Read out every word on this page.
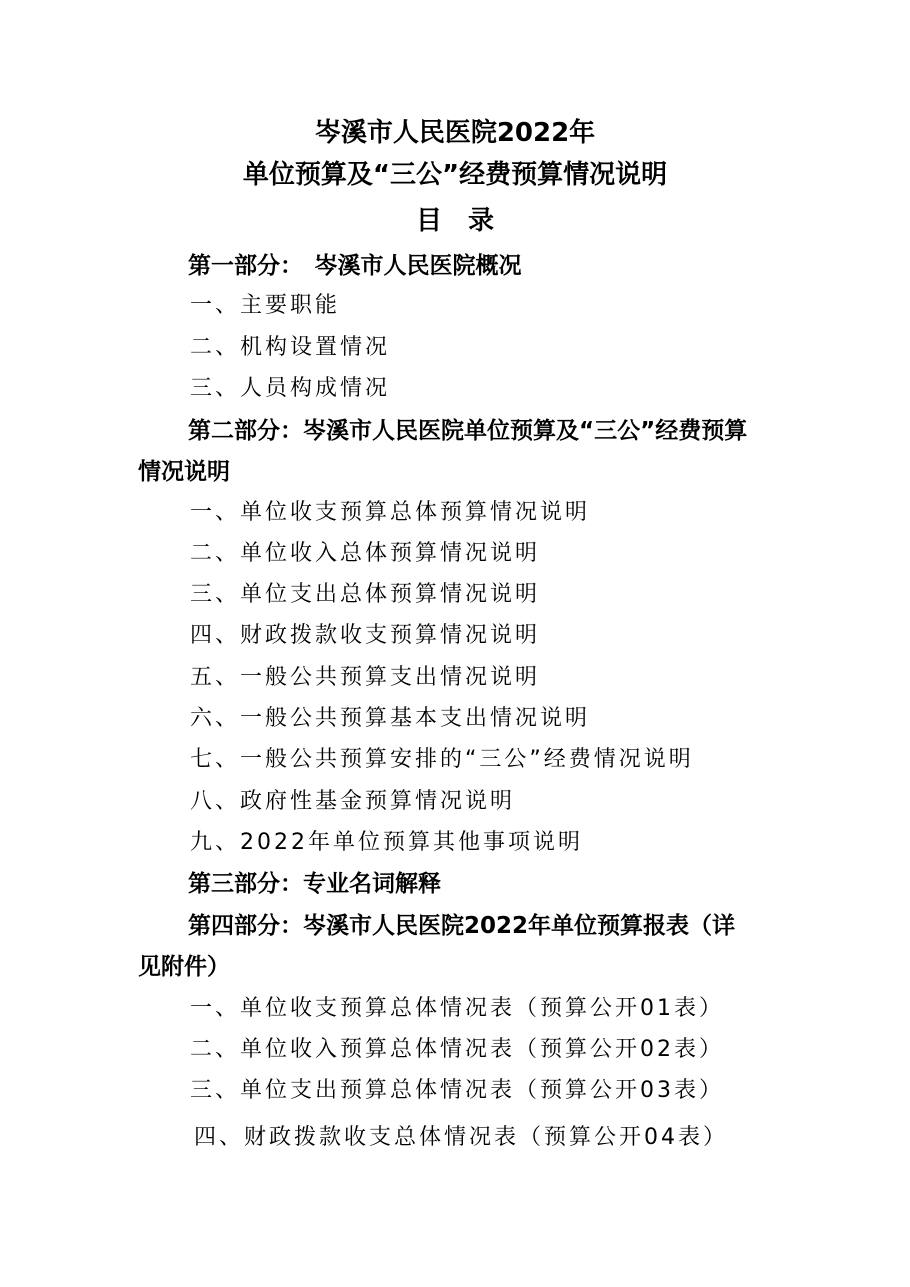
岑溪市人民医院2022年
单位预算及“三公”经费预算情况说明
目　录
第一部分：　岑溪市人民医院概况
一、主要职能
二、机构设置情况
三、人员构成情况
第二部分：岑溪市人民医院单位预算及“三公”经费预算
情况说明
一、单位收支预算总体预算情况说明
二、单位收入总体预算情况说明
三、单位支出总体预算情况说明
四、财政拨款收支预算情况说明
五、一般公共预算支出情况说明
六、一般公共预算基本支出情况说明
七、一般公共预算安排的“三公”经费情况说明
八、政府性基金预算情况说明
九、2022年单位预算其他事项说明
第三部分：专业名词解释
第四部分：岑溪市人民医院2022年单位预算报表（详
见附件）
一、单位收支预算总体情况表（预算公开01表）
二、单位收入预算总体情况表（预算公开02表）
三、单位支出预算总体情况表（预算公开03表）
四、财政拨款收支总体情况表（预算公开04表）
